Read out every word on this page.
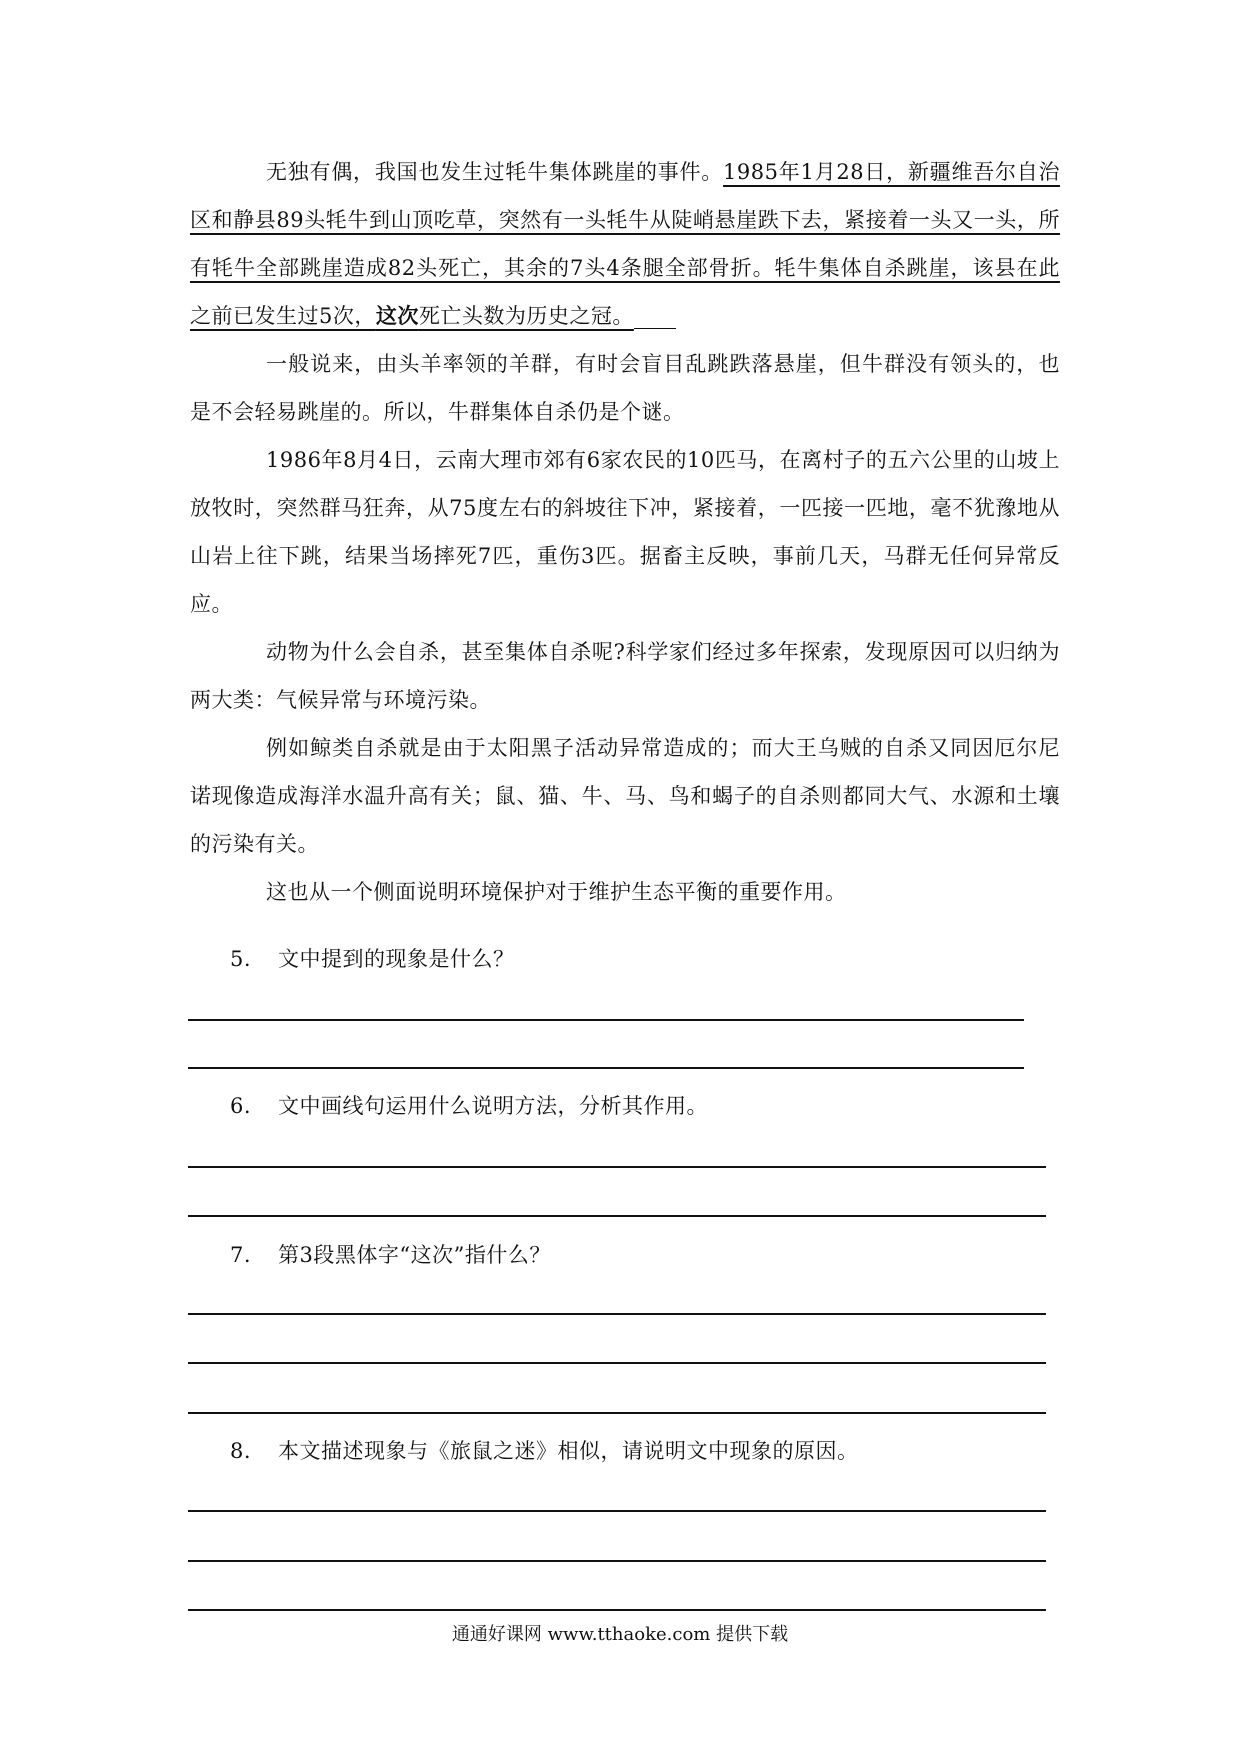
无独有偶，我国也发生过牦牛集体跳崖的事件。1985年1月28日，新疆维吾尔自治区和静县89头牦牛到山顶吃草，突然有一头牦牛从陡峭悬崖跌下去，紧接着一头又一头，所有牦牛全部跳崖造成82头死亡，其余的7头4条腿全部骨折。牦牛集体自杀跳崖，该县在此之前已发生过5次，这次死亡头数为历史之冠。

一般说来，由头羊率领的羊群，有时会盲目乱跳跌落悬崖，但牛群没有领头的，也是不会轻易跳崖的。所以，牛群集体自杀仍是个谜。

1986年8月4日，云南大理市郊有6家农民的10匹马，在离村子的五六公里的山坡上放牧时，突然群马狂奔，从75度左右的斜坡往下冲，紧接着，一匹接一匹地，毫不犹豫地从山岩上往下跳，结果当场摔死7匹，重伤3匹。据畜主反映，事前几天，马群无任何异常反应。

动物为什么会自杀，甚至集体自杀呢?科学家们经过多年探索，发现原因可以归纳为两大类：气候异常与环境污染。

例如鲸类自杀就是由于太阳黑子活动异常造成的；而大王乌贼的自杀又同因厄尔尼诺现像造成海洋水温升高有关；鼠、猫、牛、马、鸟和蝎子的自杀则都同大气、水源和土壤的污染有关。

这也从一个侧面说明环境保护对于维护生态平衡的重要作用。

5. 文中提到的现象是什么？
6. 文中画线句运用什么说明方法，分析其作用。
7. 第3段黑体字“这次”指什么？
8. 本文描述现象与《旅鼠之迷》相似，请说明文中现象的原因。
通通好课网 www.tthaoke.com 提供下载
